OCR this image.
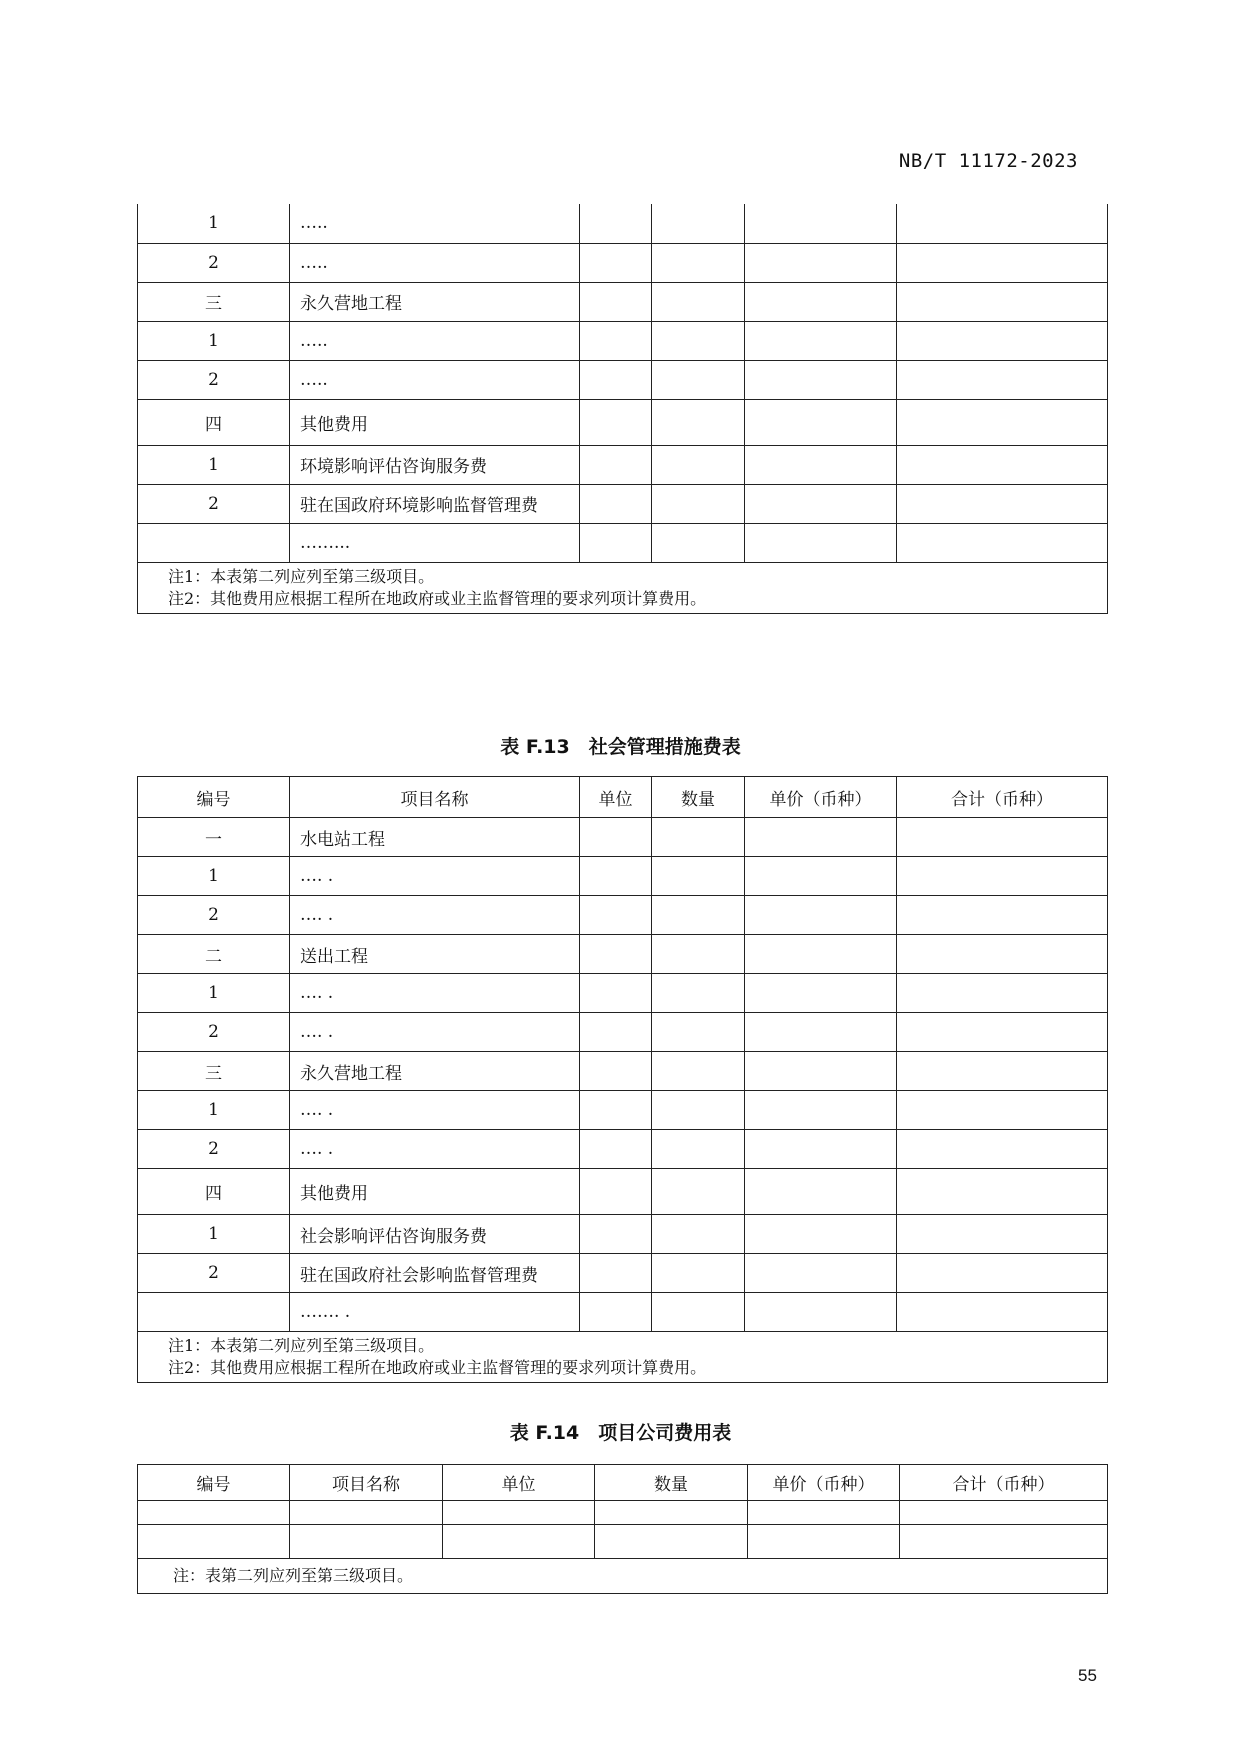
NB/T 11172-2023
1	…..				
2	…..				
三	永久营地工程				
1	…..				
2	…..				
四	其他费用				
1	环境影响评估咨询服务费				
2	驻在国政府环境影响监督管理费				
	……...				

注1：本表第二列应列至第三级项目。
注2：其他费用应根据工程所在地政府或业主监督管理的要求列项计算费用。					
表 F.13　社会管理措施费表
编号	项目名称	单位	数量	单价（币种）	合计（币种）
一	水电站工程				
1	…. .				
2	…. .				
二	送出工程				
1	…. .				
2	…. .				
三	永久营地工程				
1	…. .				
2	…. .				
四	其他费用				
1	社会影响评估咨询服务费				
2	驻在国政府社会影响监督管理费				
	……. .				

注1：本表第二列应列至第三级项目。
注2：其他费用应根据工程所在地政府或业主监督管理的要求列项计算费用。					
表 F.14　项目公司费用表
编号	项目名称	单位	数量	单价（币种）	合计（币种）

注：表第二列应列至第三级项目。					
55
